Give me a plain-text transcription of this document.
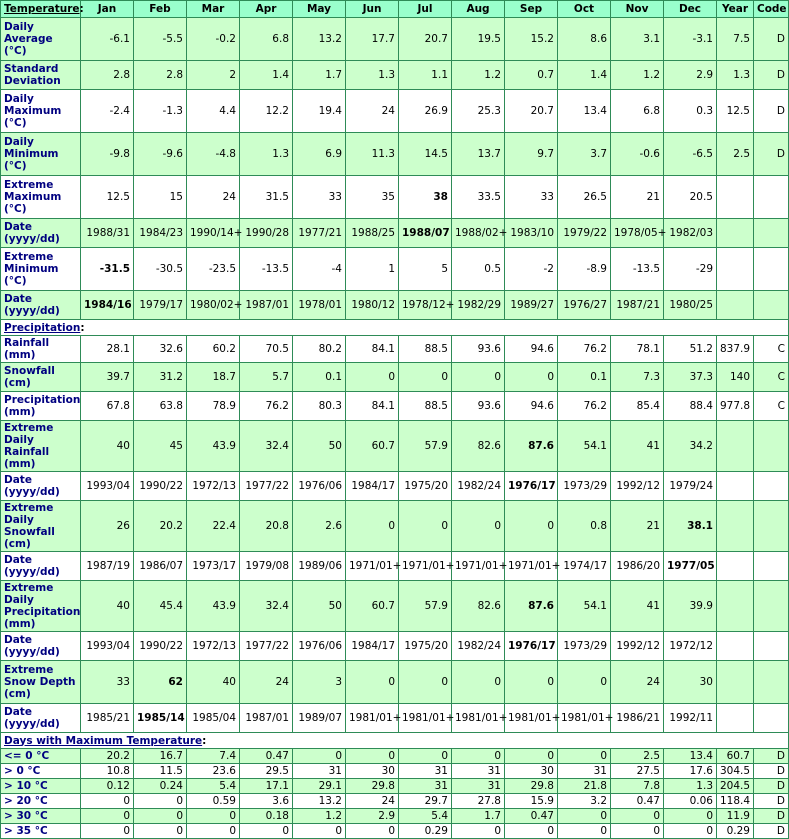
Temperature:	Jan	Feb	Mar	Apr	May	Jun	Jul	Aug	Sep	Oct	Nov	Dec	Year	Code
Daily Average (°C)	-6.1	-5.5	-0.2	6.8	13.2	17.7	20.7	19.5	15.2	8.6	3.1	-3.1	7.5	D
Standard Deviation	2.8	2.8	2	1.4	1.7	1.3	1.1	1.2	0.7	1.4	1.2	2.9	1.3	D
Daily Maximum (°C)	-2.4	-1.3	4.4	12.2	19.4	24	26.9	25.3	20.7	13.4	6.8	0.3	12.5	D
Daily Minimum (°C)	-9.8	-9.6	-4.8	1.3	6.9	11.3	14.5	13.7	9.7	3.7	-0.6	-6.5	2.5	D
Extreme Maximum (°C)	12.5	15	24	31.5	33	35	38	33.5	33	26.5	21	20.5		
Date (yyyy/dd)	1988/31	1984/23	1990/14+	1990/28	1977/21	1988/25	1988/07	1988/02+	1983/10	1979/22	1978/05+	1982/03		
Extreme Minimum (°C)	-31.5	-30.5	-23.5	-13.5	-4	1	5	0.5	-2	-8.9	-13.5	-29		
Date (yyyy/dd)	1984/16	1979/17	1980/02+	1987/01	1978/01	1980/12	1978/12+	1982/29	1989/27	1976/27	1987/21	1980/25		
Precipitation:														
Rainfall (mm)	28.1	32.6	60.2	70.5	80.2	84.1	88.5	93.6	94.6	76.2	78.1	51.2	837.9	C
Snowfall (cm)	39.7	31.2	18.7	5.7	0.1	0	0	0	0	0.1	7.3	37.3	140	C
Precipitation (mm)	67.8	63.8	78.9	76.2	80.3	84.1	88.5	93.6	94.6	76.2	85.4	88.4	977.8	C
Extreme Daily Rainfall (mm)	40	45	43.9	32.4	50	60.7	57.9	82.6	87.6	54.1	41	34.2		
Date (yyyy/dd)	1993/04	1990/22	1972/13	1977/22	1976/06	1984/17	1975/20	1982/24	1976/17	1973/29	1992/12	1979/24		
Extreme Daily Snowfall (cm)	26	20.2	22.4	20.8	2.6	0	0	0	0	0.8	21	38.1		
Date (yyyy/dd)	1987/19	1986/07	1973/17	1979/08	1989/06	1971/01+	1971/01+	1971/01+	1971/01+	1974/17	1986/20	1977/05		
Extreme Daily Precipitation (mm)	40	45.4	43.9	32.4	50	60.7	57.9	82.6	87.6	54.1	41	39.9		
Date (yyyy/dd)	1993/04	1990/22	1972/13	1977/22	1976/06	1984/17	1975/20	1982/24	1976/17	1973/29	1992/12	1972/12		
Extreme Snow Depth (cm)	33	62	40	24	3	0	0	0	0	0	24	30		
Date (yyyy/dd)	1985/21	1985/14	1985/04	1987/01	1989/07	1981/01+	1981/01+	1981/01+	1981/01+	1981/01+	1986/21	1992/11		
Days with Maximum Temperature:														
<= 0 °C	20.2	16.7	7.4	0.47	0	0	0	0	0	0	2.5	13.4	60.7	D
> 0 °C	10.8	11.5	23.6	29.5	31	30	31	31	30	31	27.5	17.6	304.5	D
> 10 °C	0.12	0.24	5.4	17.1	29.1	29.8	31	31	29.8	21.8	7.8	1.3	204.5	D
> 20 °C	0	0	0.59	3.6	13.2	24	29.7	27.8	15.9	3.2	0.47	0.06	118.4	D
> 30 °C	0	0	0	0.18	1.2	2.9	5.4	1.7	0.47	0	0	0	11.9	D
> 35 °C	0	0	0	0	0	0	0.29	0	0	0	0	0	0.29	D
